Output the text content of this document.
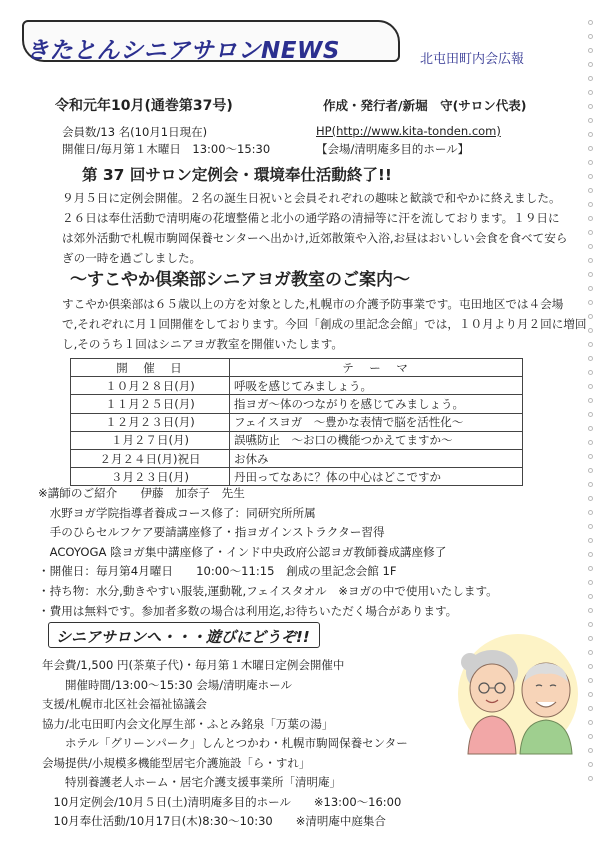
きたとんシニアサロンNEWS	北屯田町内会広報
令和元年10月(通巻第37号)	作成・発行者/新堀　守(サロン代表)
会員数/13 名(10月1日現在)	HP(http://www.kita-tonden.com)
開催日/毎月第１木曜日　13:00～15:30	【会場/清明庵多目的ホール】
第 37 回サロン定例会・環境奉仕活動終了!!
９月５日に定例会開催。２名の誕生日祝いと会員それぞれの趣味と歓談で和やかに終えました。
２６日は奉仕活動で清明庵の花壇整備と北小の通学路の清掃等に汗を流しております。１９日に
は郊外活動で札幌市駒岡保養センターへ出かけ,近郊散策や入浴,お昼はおいしい会食を食べて安ら
ぎの一時を過ごしました。
～すこやか倶楽部シニアヨガ教室のご案内～
すこやか倶楽部は６５歳以上の方を対象とした,札幌市の介護予防事業です。屯田地区では４会場
で,それぞれに月１回開催をしております。今回「創成の里記念会館」では，１０月より月２回に増回
し,そのうち１回はシニアヨガ教室を開催いたします。
開　催　日	テ　ー　マ
１０月２８日(月)	呼吸を感じてみましょう。
１１月２５日(月)	指ヨガ～体のつながりを感じてみましょう。
１２月２３日(月)	フェイスヨガ　～豊かな表情で脳を活性化～
１月２７日(月)	誤嚥防止　～お口の機能つかえてますか～
２月２４日(月)祝日	お休み
３月２３日(月)	丹田ってなあに？体の中心はどこですか
※講師のご紹介　　伊藤　加奈子　先生
　水野ヨガ学院指導者養成コース修了：同研究所所属
　手のひらセルフケア要請講座修了・指ヨガインストラクター習得
　ACOYOGA 陰ヨガ集中講座修了・インド中央政府公認ヨガ教師養成講座修了
・開催日：毎月第4月曜日　　10:00～11:15　創成の里記念会館 1F
・持ち物：水分,動きやすい服装,運動靴,フェイスタオル　※ヨガの中で使用いたします。
・費用は無料です。参加者多数の場合は利用迄,お待ちいただく場合があります。
シニアサロンへ・・・遊びにどうぞ!!
年会費/1,500 円(茶菓子代)・毎月第１木曜日定例会開催中
　　開催時間/13:00～15:30 会場/清明庵ホール
支援/札幌市北区社会福祉協議会
協力/北屯田町内会文化厚生部・ふとみ銘泉「万葉の湯」
　　ホテル「グリーンパーク」しんとつかわ・札幌市駒岡保養センター
会場提供/小規模多機能型居宅介護施設「ら・すれ」
　　特別養護老人ホーム・居宅介護支援事業所「清明庵」
　10月定例会/10月５日(土)清明庵多目的ホール　　※13:00～16:00
　10月奉仕活動/10月17日(木)8:30～10:30　　※清明庵中庭集合
